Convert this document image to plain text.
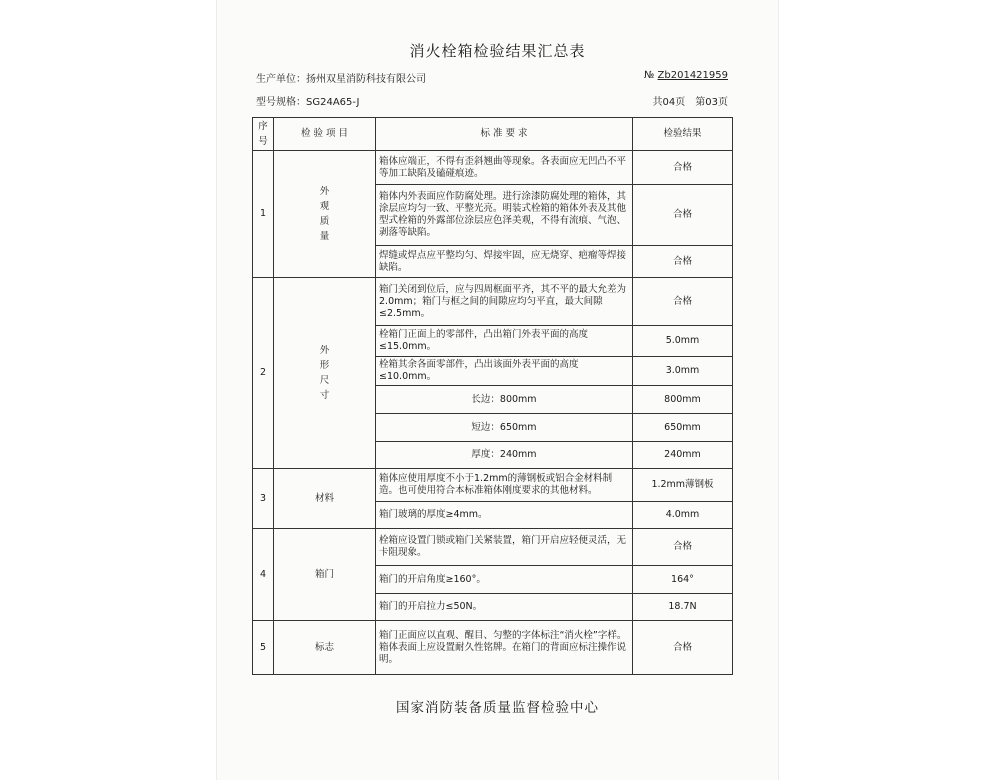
消火栓箱检验结果汇总表
生产单位：扬州双星消防科技有限公司
型号规格：SG24A65-J
№ Zb201421959
共04页 第03页
序号	检 验 项 目	标 准 要 求	检验结果
1	外观质量	箱体应端正，不得有歪斜翘曲等现象。各表面应无凹凸不平等加工缺陷及磕碰痕迹。	合格
		箱体内外表面应作防腐处理。进行涂漆防腐处理的箱体，其涂层应均匀一致、平整光亮。明装式栓箱的箱体外表及其他型式栓箱的外露部位涂层应色泽美观，不得有流痕、气泡、剥落等缺陷。	合格
		焊缝或焊点应平整均匀、焊接牢固，应无烧穿、疤瘤等焊接缺陷。	合格
2	外形尺寸	箱门关闭到位后，应与四周框面平齐，其不平的最大允差为2.0mm；箱门与框之间的间隙应均匀平直，最大间隙≤2.5mm。	合格
		栓箱门正面上的零部件，凸出箱门外表平面的高度≤15.0mm。	5.0mm
		栓箱其余各面零部件，凸出该面外表平面的高度≤10.0mm。	3.0mm
		长边：800mm	800mm
		短边：650mm	650mm
		厚度：240mm	240mm
3	材料	箱体应使用厚度不小于1.2mm的薄钢板或铝合金材料制造。也可使用符合本标准箱体刚度要求的其他材料。	1.2mm薄钢板
		箱门玻璃的厚度≥4mm。	4.0mm
4	箱门	栓箱应设置门锁或箱门关紧装置，箱门开启应轻便灵活，无卡阻现象。	合格
		箱门的开启角度≥160°。	164°
		箱门的开启拉力≤50N。	18.7N
5	标志	箱门正面应以直观、醒目、匀整的字体标注“消火栓”字样。箱体表面上应设置耐久性铭牌。在箱门的背面应标注操作说明。	合格
国家消防装备质量监督检验中心
